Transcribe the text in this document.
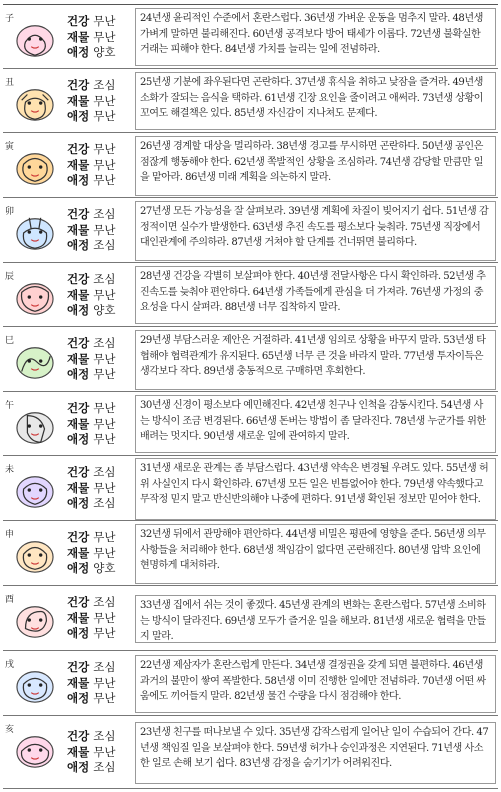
子	건강 무난
재물 무난
애정 양호
24년생 윤리적인 수준에서 혼란스럽다. 36년생 가벼운 운동을 멈추지 말라. 48년생 가벼게 말하면 불리해진다. 60년생 공격보다 방어 태세가 이롭다. 72년생 불확실한 거래는 피해야 한다. 84년생 가치를 늘리는 일에 전념하라.
丑	건강 조심
재물 무난
애정 무난
25년생 기분에 좌우된다면 곤란하다. 37년생 휴식을 취하고 낮잠을 즐겨라. 49년생 소화가 잘되는 음식을 택하라. 61년생 긴장 요인을 줄이려고 애써라. 73년생 상황이 꼬여도 해결책은 있다. 85년생 자신감이 지나쳐도 문제다.
寅	건강 무난
재물 무난
애정 무난
26년생 경계할 대상을 멀리하라. 38년생 경고를 무시하면 곤란하다. 50년생 공인은 점잖게 행동해야 한다. 62년생 쪽발적인 상황을 조심하라. 74년생 감당할 만큼만 일을 맡아라. 86년생 미래 계획을 의논하지 말라.
卯	건강 조심
재물 무난
애정 조심
27년생 모든 가능성을 잘 살펴보라. 39년생 계획에 차질이 빚어지기 쉽다. 51년생 감정적이면 실수가 발생한다. 63년생 추진 속도를 평소보다 늦춰라. 75년생 직장에서 대인관계에 주의하라. 87년생 거쳐야 할 단계를 건너뛰면 불리하다.
辰	건강 조심
재물 무난
애정 양호
28년생 건강을 각별히 보살펴야 한다. 40년생 전달사항은 다시 확인하라. 52년생 추진속도를 늦춰야 편안하다. 64년생 가족들에게 관심을 더 가져라. 76년생 가정의 중요성을 다시 살펴라. 88년생 너무 집착하지 말라.
巳	건강 조심
재물 무난
애정 무난
29년생 부담스러운 제안은 거절하라. 41년생 임의로 상황을 바꾸지 말라. 53년생 타협해야 협력관계가 유지된다. 65년생 너무 큰 것을 바라지 말라. 77년생 투자이득은 생각보다 작다. 89년생 충동적으로 구매하면 후회한다.
午	건강 무난
재물 무난
애정 무난
30년생 신경이 평소보다 예민해진다. 42년생 친구나 인척을 감동시킨다. 54년생 사는 방식이 조금 변경된다. 66년생 돈버는 방법이 좀 달라진다. 78년생 누군가를 위한 배려는 멋지다. 90년생 새로운 일에 관여하지 말라.
未	건강 조심
재물 무난
애정 조심
31년생 새로운 관계는 좀 부담스럽다. 43년생 약속은 변경될 우려도 있다. 55년생 허위 사실인지 다시 확인하라. 67년생 모든 일은 빈틈없어야 한다. 79년생 약속했다고 무작정 믿지 말고 반신반의해야 나중에 편하다. 91년생 확인된 정보만 믿어야 한다.
申	건강 무난
재물 무난
애정 양호
32년생 뒤에서 관망해야 편안하다. 44년생 비밀은 평판에 영향을 준다. 56년생 의무사항들을 처리해야 한다. 68년생 책임감이 없다면 곤란해진다. 80년생 압박 요인에 현명하게 대처하라.
酉	건강 조심
재물 무난
애정 무난
33년생 집에서 쉬는 것이 좋겠다. 45년생 관계의 변화는 혼란스럽다. 57년생 소비하는 방식이 달라진다. 69년생 모두가 즐거운 일을 해보라. 81년생 새로운 협력을 만들지 말라.
戌	건강 조심
재물 무난
애정 무난
22년생 제삼자가 혼란스럽게 만든다. 34년생 결정권을 갖게 되면 불편하다. 46년생 과거의 불만이 쌓여 폭발한다. 58년생 이미 진행한 일에만 전념하라. 70년생 어떤 싸움에도 끼어들지 말라. 82년생 물건 수량을 다시 점검해야 한다.
亥	건강 조심
재물 무난
애정 조심
23년생 친구를 떠나보낼 수 있다. 35년생 갑작스럽게 일어난 일이 수습되어 간다. 47년생 책임질 일을 보살펴야 한다. 59년생 허가나 승인과정은 지연된다. 71년생 사소한 일로 손해 보기 쉽다. 83년생 감정을 숨기기가 어려워진다.
